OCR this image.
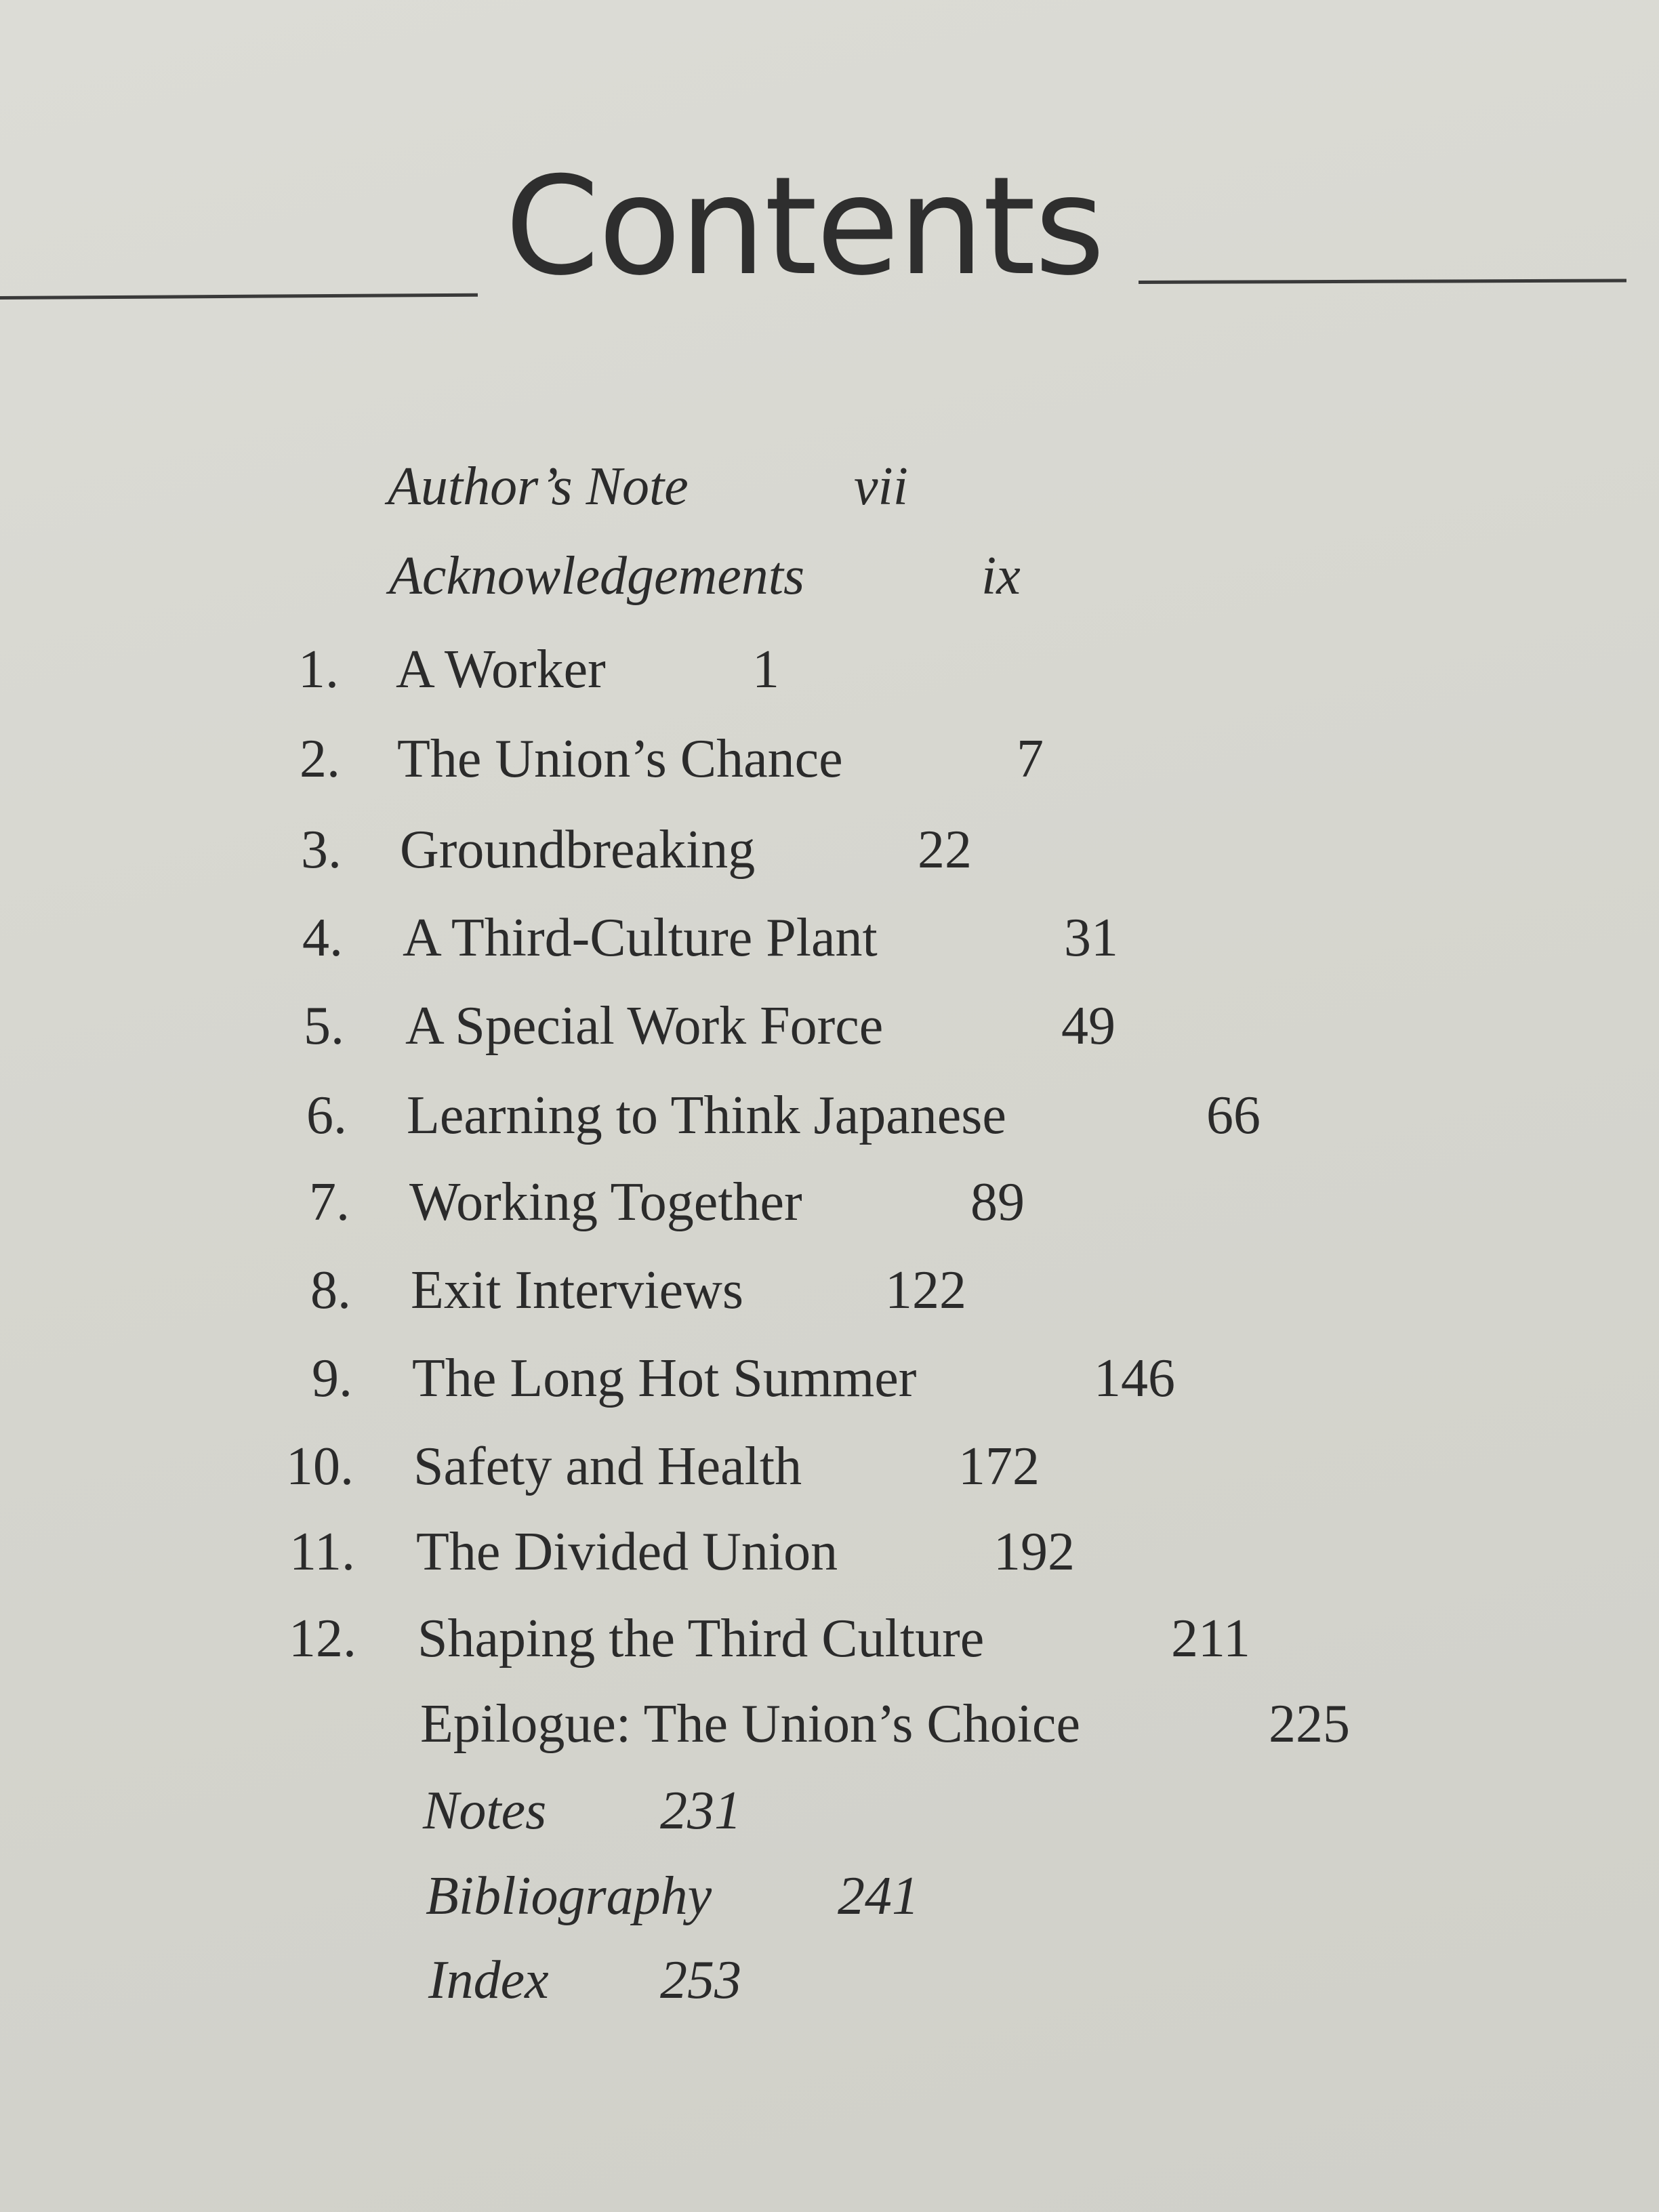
Contents
Author’s Note	vii
Acknowledgements	ix
1. A Worker	1
2. The Union’s Chance	7
3. Groundbreaking	22
4. A Third-Culture Plant	31
5. A Special Work Force	49
6. Learning to Think Japanese	66
7. Working Together	89
8. Exit Interviews	122
9. The Long Hot Summer	146
10. Safety and Health	172
11. The Divided Union	192
12. Shaping the Third Culture	211
Epilogue: The Union’s Choice	225
Notes 231
Bibliography 241
Index 253
